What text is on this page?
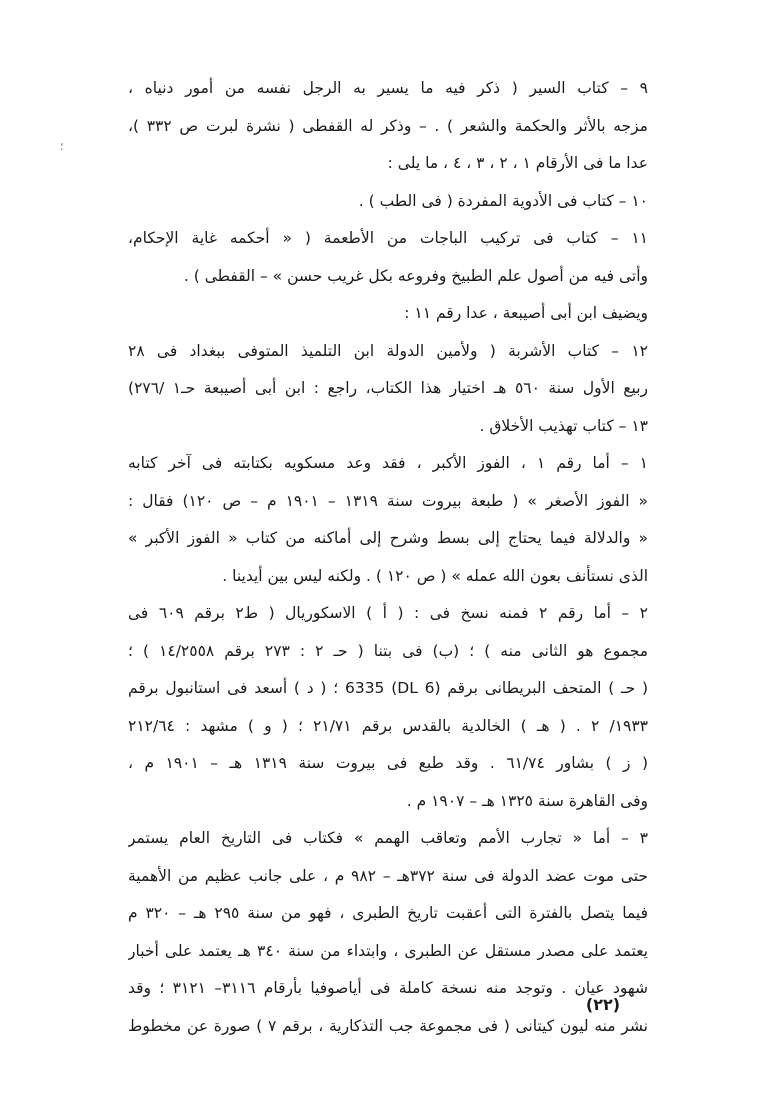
؛
٩ – كتاب السير ( ذكر فيه ما يسير به الرجل نفسه من أمور دنياه ،
مزجه بالأثر والحكمة والشعر ) . – وذكر له القفطى ( نشرة لبرت ص ٣٣٢ )،
عدا ما فى الأرقام ١ ، ٢ ، ٣ ، ٤ ، ما يلى :
١٠ – كتاب فى الأدوية المفردة ( فى الطب ) .
١١ – كتاب فى تركيب الباجات من الأطعمة ( « أحكمه غاية الإحكام،
وأتى فيه من أصول علم الطبيخ وفروعه بكل غريب حسن » – القفطى ) .
ويضيف ابن أبى أصيبعة ، عدا رقم ١١ :
١٢ – كتاب الأشربة ( ولأمين الدولة ابن التلميذ المتوفى ببغداد فى ٢٨
ربيع الأول سنة ٥٦٠ هـ اختيار هذا الكتاب، راجع : ابن أبى أصيبعة حـ١ /٢٧٦)
١٣ – كتاب تهذيب الأخلاق .
١ – أما رقم ١ ، الفوز الأكبر ، فقد وعد مسكويه بكتابته فى آخر كتابه
« الفوز الأصغر » ( طبعة بيروت سنة ١٣١٩ – ١٩٠١ م – ص ١٢٠) فقال :
« والدلالة فيما يحتاج إلى بسط وشرح إلى أماكنه من كتاب « الفوز الأكبر »
الذى نستأنف بعون الله عمله » ( ص ١٢٠ ) . ولكنه ليس بين أيدينا .
٢ – أما رقم ٢ فمنه نسخ فى : ( أ ) الاسكوريال ( ط٢ برقم ٦٠٩ فى
مجموع هو الثانى منه ) ؛ (ب) فى بتنا ( حـ ٢ : ٢٧٣ برقم ١٤/٢٥٥٨ ) ؛
( حـ ) المتحف البريطانى برقم (DL 6) 6335 ؛ ( د ) أسعد فى استانبول برقم
١٩٣٣/ ٢ . ( هـ ) الخالدية بالقدس برقم ٢١/٧١ ؛ ( و ) مشهد : ٢١٢/٦٤
( ز ) بشاور ٦١/٧٤ . وقد طبع فى بيروت سنة ١٣١٩ هـ – ١٩٠١ م ،
وفى القاهرة سنة ١٣٢٥ هـ – ١٩٠٧ م .
٣ – أما « تجارب الأمم وتعاقب الهمم » فكتاب فى التاريخ العام يستمر
حتى موت عضد الدولة فى سنة ٣٧٢هـ – ٩٨٢ م ، على جانب عظيم من الأهمية
فيما يتصل بالفترة التى أعقبت تاريخ الطبرى ، فهو من سنة ٢٩٥ هـ – ٣٢٠ م
يعتمد على مصدر مستقل عن الطبرى ، وابتداء من سنة ٣٤٠ هـ يعتمد على أخبار
شهود عيان . وتوجد منه نسخة كاملة فى أياصوفيا بأرقام ٣١١٦– ٣١٢١ ؛ وقد
نشر منه ليون كيتانى ( فى مجموعة جب التذكارية ، برقم ٧ ) صورة عن مخطوط
(٢٢)
